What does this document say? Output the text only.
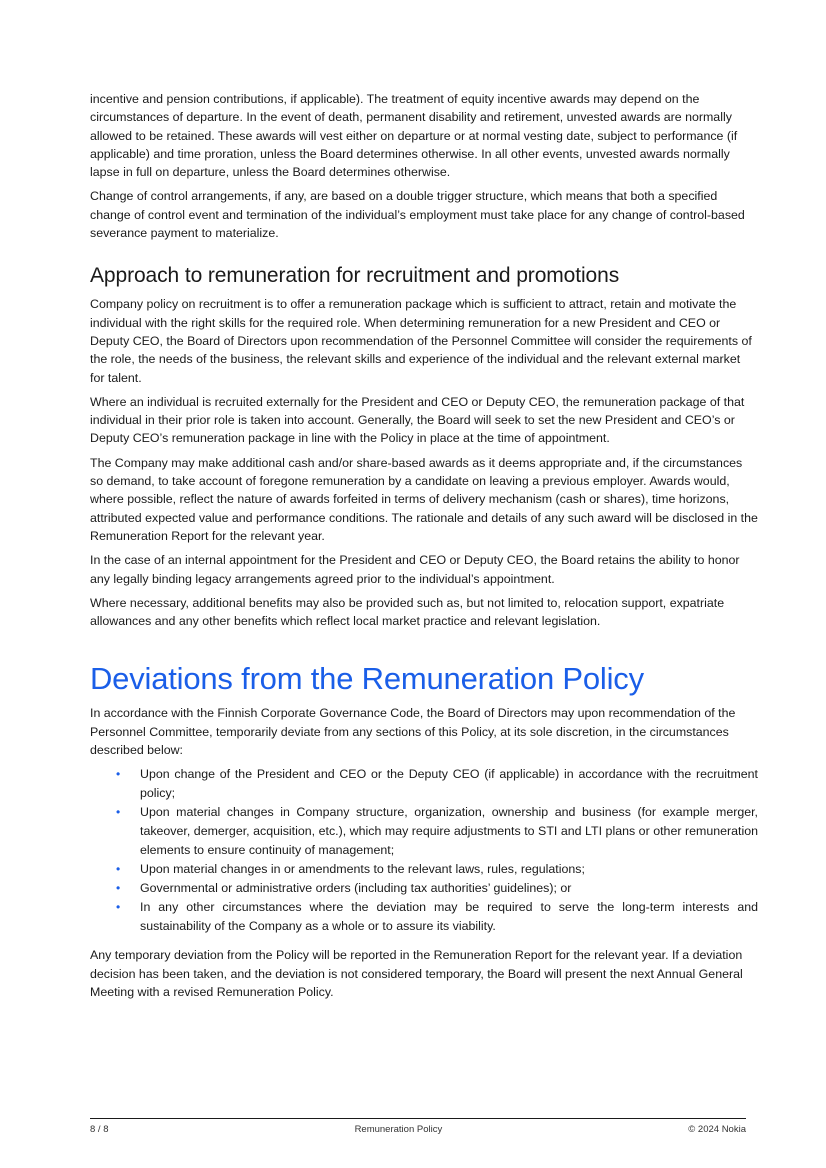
incentive and pension contributions, if applicable). The treatment of equity incentive awards may depend on the circumstances of departure. In the event of death, permanent disability and retirement, unvested awards are normally allowed to be retained. These awards will vest either on departure or at normal vesting date, subject to performance (if applicable) and time proration, unless the Board determines otherwise. In all other events, unvested awards normally lapse in full on departure, unless the Board determines otherwise.

Change of control arrangements, if any, are based on a double trigger structure, which means that both a specified change of control event and termination of the individual’s employment must take place for any change of control-based severance payment to materialize.

Approach to remuneration for recruitment and promotions

Company policy on recruitment is to offer a remuneration package which is sufficient to attract, retain and motivate the individual with the right skills for the required role. When determining remuneration for a new President and CEO or Deputy CEO, the Board of Directors upon recommendation of the Personnel Committee will consider the requirements of the role, the needs of the business, the relevant skills and experience of the individual and the relevant external market for talent.

Where an individual is recruited externally for the President and CEO or Deputy CEO, the remuneration package of that individual in their prior role is taken into account. Generally, the Board will seek to set the new President and CEO’s or Deputy CEO’s remuneration package in line with the Policy in place at the time of appointment.

The Company may make additional cash and/or share-based awards as it deems appropriate and, if the circumstances so demand, to take account of foregone remuneration by a candidate on leaving a previous employer. Awards would, where possible, reflect the nature of awards forfeited in terms of delivery mechanism (cash or shares), time horizons, attributed expected value and performance conditions. The rationale and details of any such award will be disclosed in the Remuneration Report for the relevant year.

In the case of an internal appointment for the President and CEO or Deputy CEO, the Board retains the ability to honor any legally binding legacy arrangements agreed prior to the individual’s appointment.

Where necessary, additional benefits may also be provided such as, but not limited to, relocation support, expatriate allowances and any other benefits which reflect local market practice and relevant legislation.

Deviations from the Remuneration Policy

In accordance with the Finnish Corporate Governance Code, the Board of Directors may upon recommendation of the Personnel Committee, temporarily deviate from any sections of this Policy, at its sole discretion, in the circumstances described below:

• Upon change of the President and CEO or the Deputy CEO (if applicable) in accordance with the recruitment policy;
• Upon material changes in Company structure, organization, ownership and business (for example merger, takeover, demerger, acquisition, etc.), which may require adjustments to STI and LTI plans or other remuneration elements to ensure continuity of management;
• Upon material changes in or amendments to the relevant laws, rules, regulations;
• Governmental or administrative orders (including tax authorities’ guidelines); or
• In any other circumstances where the deviation may be required to serve the long-term interests and sustainability of the Company as a whole or to assure its viability.

Any temporary deviation from the Policy will be reported in the Remuneration Report for the relevant year. If a deviation decision has been taken, and the deviation is not considered temporary, the Board will present the next Annual General Meeting with a revised Remuneration Policy.

8 / 8	Remuneration Policy	© 2024 Nokia
